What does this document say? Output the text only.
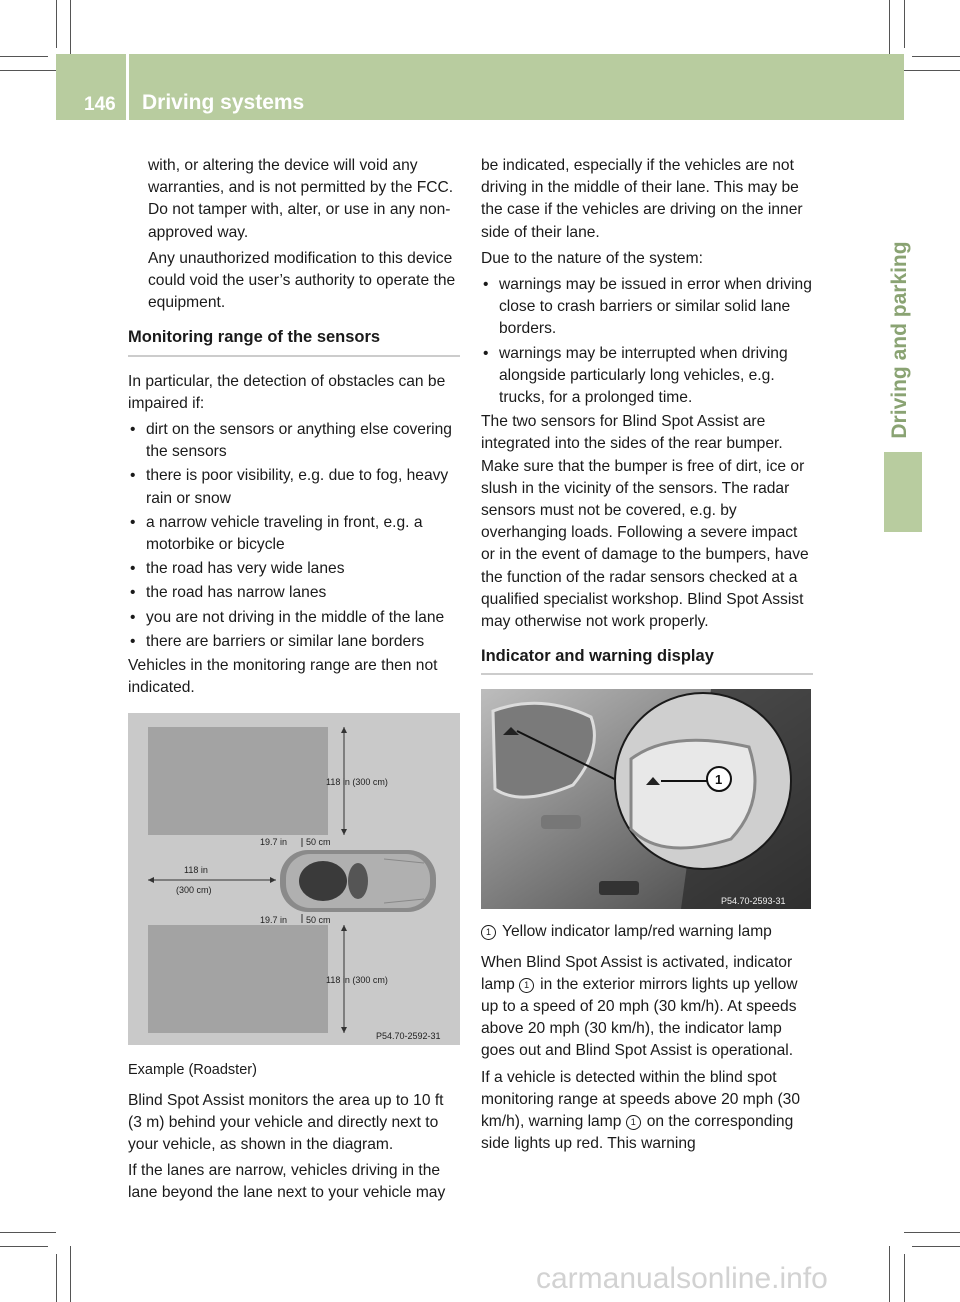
146 Driving systems
Driving and parking

with, or altering the device will void any warranties, and is not permitted by the FCC. Do not tamper with, alter, or use in any non-approved way.

Any unauthorized modification to this device could void the user’s authority to operate the equipment.

Monitoring range of the sensors

In particular, the detection of obstacles can be impaired if:

• dirt on the sensors or anything else covering the sensors
• there is poor visibility, e.g. due to fog, heavy rain or snow
• a narrow vehicle traveling in front, e.g. a motorbike or bicycle
• the road has very wide lanes
• the road has narrow lanes
• you are not driving in the middle of the lane
• there are barriers or similar lane borders

Vehicles in the monitoring range are then not indicated.

118 in (300 cm)
118 in (300 cm)
19.7 in 50 cm
19.7 in 50 cm
118 in
(300 cm)
P54.70-2592-31
Example (Roadster)

Blind Spot Assist monitors the area up to 10 ft (3 m) behind your vehicle and directly next to your vehicle, as shown in the diagram.

If the lanes are narrow, vehicles driving in the lane beyond the lane next to your vehicle may

be indicated, especially if the vehicles are not driving in the middle of their lane. This may be the case if the vehicles are driving on the inner side of their lane.

Due to the nature of the system:

• warnings may be issued in error when driving close to crash barriers or similar solid lane borders.
• warnings may be interrupted when driving alongside particularly long vehicles, e.g. trucks, for a prolonged time.

The two sensors for Blind Spot Assist are integrated into the sides of the rear bumper. Make sure that the bumper is free of dirt, ice or slush in the vicinity of the sensors. The radar sensors must not be covered, e.g. by overhanging loads. Following a severe impact or in the event of damage to the bumpers, have the function of the radar sensors checked at a qualified specialist workshop. Blind Spot Assist may otherwise not work properly.

Indicator and warning display
1
P54.70-2593-31
1 Yellow indicator lamp/red warning lamp

When Blind Spot Assist is activated, indicator lamp 1 in the exterior mirrors lights up yellow up to a speed of 20 mph (30 km/h). At speeds above 20 mph (30 km/h), the indicator lamp goes out and Blind Spot Assist is operational.

If a vehicle is detected within the blind spot monitoring range at speeds above 20 mph (30 km/h), warning lamp 1 on the corresponding side lights up red. This warning

carmanualsonline.info
